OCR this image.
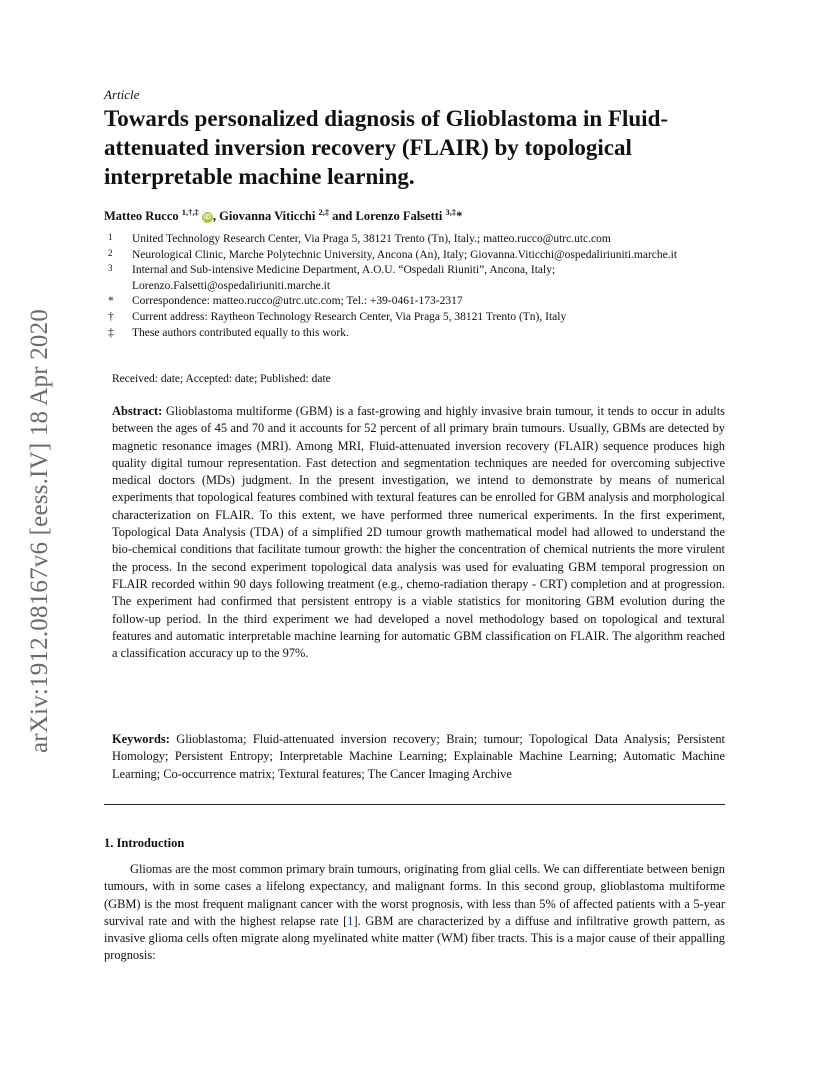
arXiv:1912.08167v6 [eess.IV] 18 Apr 2020
Article
Towards personalized diagnosis of Glioblastoma in Fluid-attenuated inversion recovery (FLAIR) by topological interpretable machine learning.
Matteo Rucco $^{1,\dagger,\ddagger}$ iD , Giovanna Viticchi $^{2,\ddagger}$ and Lorenzo Falsetti $^{3,\ddagger}$*
1	United Technology Research Center, Via Praga 5, 38121 Trento (Tn), Italy.; matteo.rucco@utrc.utc.com
2	Neurological Clinic, Marche Polytechnic University, Ancona (An), Italy; Giovanna.Viticchi@ospedaliriuniti.marche.it
3	Internal and Sub-intensive Medicine Department, A.O.U. “Ospedali Riuniti”, Ancona, Italy; Lorenzo.Falsetti@ospedaliriuniti.marche.it
*	Correspondence: matteo.rucco@utrc.utc.com; Tel.: +39-0461-173-2317
†	Current address: Raytheon Technology Research Center, Via Praga 5, 38121 Trento (Tn), Italy
‡	These authors contributed equally to this work.
Received: date; Accepted: date; Published: date
Abstract: Glioblastoma multiforme (GBM) is a fast-growing and highly invasive brain tumour, it tends to occur in adults between the ages of 45 and 70 and it accounts for 52 percent of all primary brain tumours. Usually, GBMs are detected by magnetic resonance images (MRI). Among MRI, Fluid-attenuated inversion recovery (FLAIR) sequence produces high quality digital tumour representation. Fast detection and segmentation techniques are needed for overcoming subjective medical doctors (MDs) judgment. In the present investigation, we intend to demonstrate by means of numerical experiments that topological features combined with textural features can be enrolled for GBM analysis and morphological characterization on FLAIR. To this extent, we have performed three numerical experiments. In the first experiment, Topological Data Analysis (TDA) of a simplified 2D tumour growth mathematical model had allowed to understand the bio-chemical conditions that facilitate tumour growth: the higher the concentration of chemical nutrients the more virulent the process. In the second experiment topological data analysis was used for evaluating GBM temporal progression on FLAIR recorded within 90 days following treatment (e.g., chemo-radiation therapy - CRT) completion and at progression. The experiment had confirmed that persistent entropy is a viable statistics for monitoring GBM evolution during the follow-up period. In the third experiment we had developed a novel methodology based on topological and textural features and automatic interpretable machine learning for automatic GBM classification on FLAIR. The algorithm reached a classification accuracy up to the 97%.
Keywords: Glioblastoma; Fluid-attenuated inversion recovery; Brain; tumour; Topological Data Analysis; Persistent Homology; Persistent Entropy; Interpretable Machine Learning; Explainable Machine Learning; Automatic Machine Learning; Co-occurrence matrix; Textural features; The Cancer Imaging Archive
1. Introduction
Gliomas are the most common primary brain tumours, originating from glial cells. We can differentiate between benign tumours, with in some cases a lifelong expectancy, and malignant forms. In this second group, glioblastoma multiforme (GBM) is the most frequent malignant cancer with the worst prognosis, with less than 5% of affected patients with a 5-year survival rate and with the highest relapse rate [1]. GBM are characterized by a diffuse and infiltrative growth pattern, as invasive glioma cells often migrate along myelinated white matter (WM) fiber tracts. This is a major cause of their appalling prognosis:
